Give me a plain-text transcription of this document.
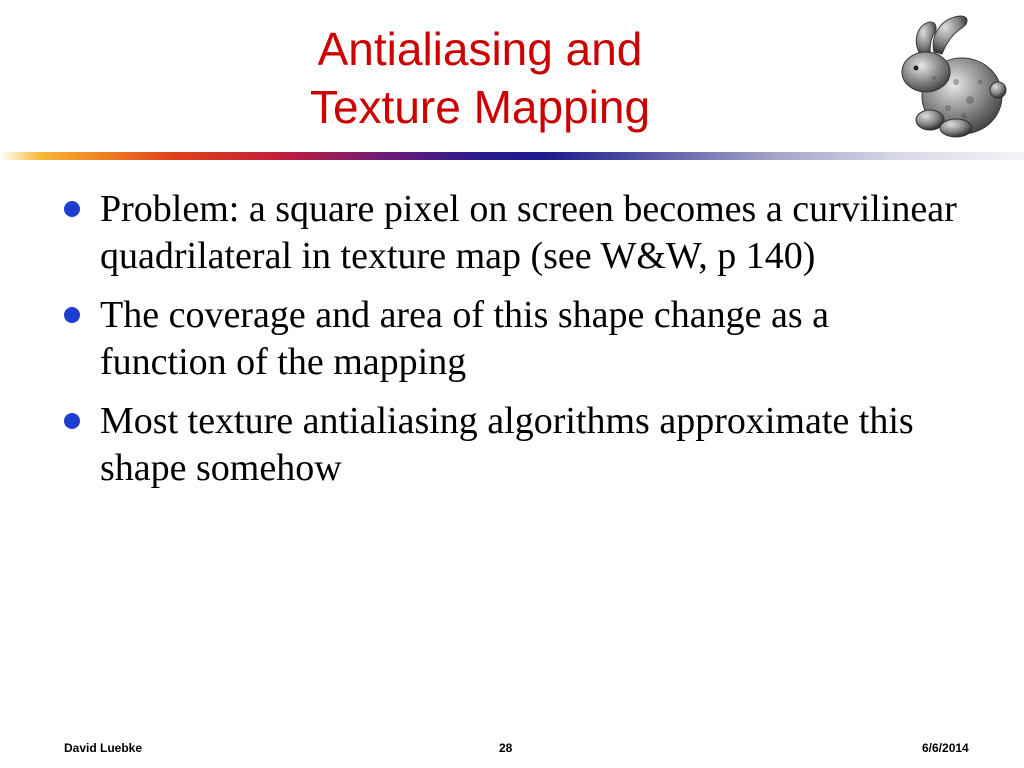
Antialiasing and
Texture Mapping
Problem: a square pixel on screen becomes a curvilinear quadrilateral in texture map (see W&W, p 140)
The coverage and area of this shape change as a function of the mapping
Most texture antialiasing algorithms approximate this shape somehow
David Luebke	28	6/6/2014
